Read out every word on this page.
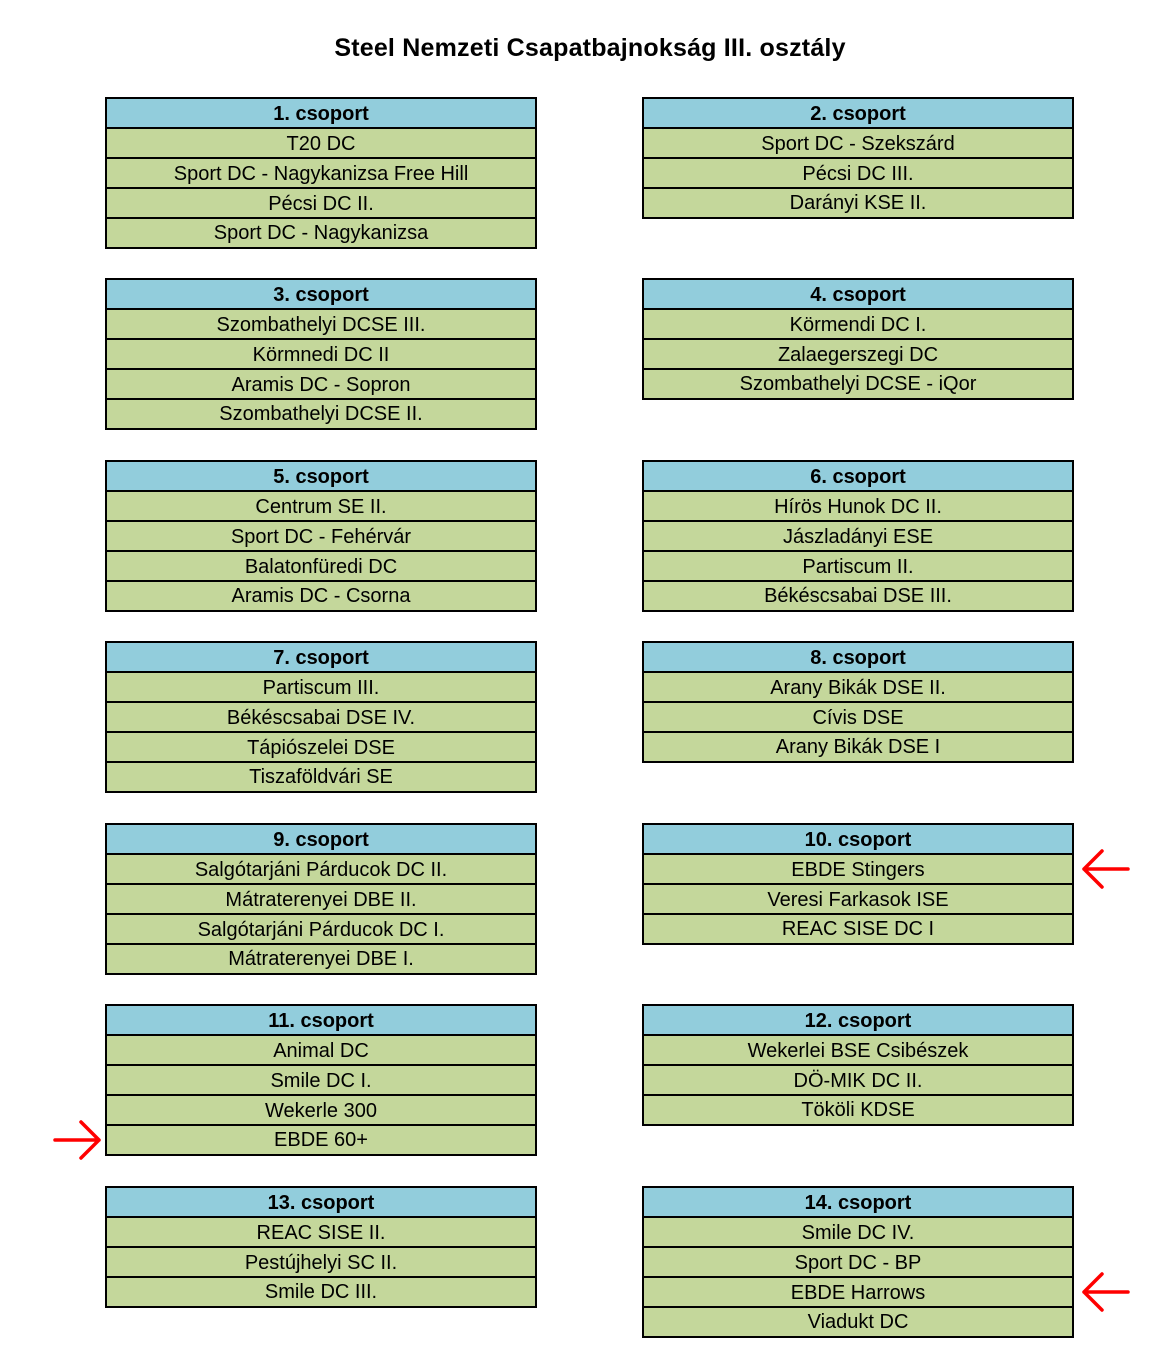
Steel Nemzeti Csapatbajnokság III. osztály
1. csoport
T20 DC
Sport DC - Nagykanizsa Free Hill
Pécsi DC II.
Sport DC - Nagykanizsa
2. csoport
Sport DC - Szekszárd
Pécsi DC III.
Darányi KSE II.
3. csoport
Szombathelyi DCSE III.
Körmnedi DC II
Aramis DC - Sopron
Szombathelyi DCSE II.
4. csoport
Körmendi DC I.
Zalaegerszegi DC
Szombathelyi DCSE - iQor
5. csoport
Centrum SE II.
Sport DC - Fehérvár
Balatonfüredi DC
Aramis DC - Csorna
6. csoport
Hírös Hunok DC II.
Jászladányi ESE
Partiscum II.
Békéscsabai DSE III.
7. csoport
Partiscum III.
Békéscsabai DSE IV.
Tápiószelei DSE
Tiszaföldvári SE
8. csoport
Arany Bikák DSE II.
Cívis DSE
Arany Bikák DSE I
9. csoport
Salgótarjáni Párducok DC II.
Mátraterenyei DBE II.
Salgótarjáni Párducok DC I.
Mátraterenyei DBE I.
10. csoport
EBDE Stingers
Veresi Farkasok ISE
REAC SISE DC I
11. csoport
Animal DC
Smile DC I.
Wekerle 300
EBDE 60+
12. csoport
Wekerlei BSE Csibészek
DÖ-MIK DC II.
Tököli KDSE
13. csoport
REAC SISE II.
Pestújhelyi SC II.
Smile DC III.
14. csoport
Smile DC IV.
Sport DC - BP
EBDE Harrows
Viadukt DC
